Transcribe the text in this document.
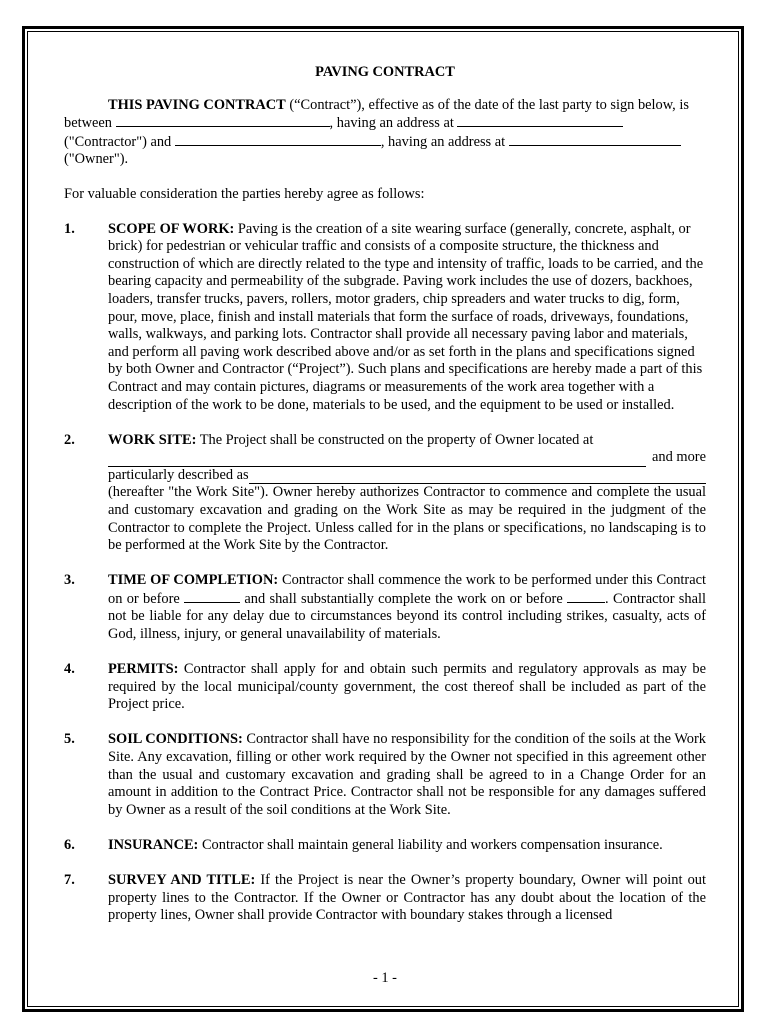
PAVING CONTRACT

THIS PAVING CONTRACT (“Contract”), effective as of the date of the last party to sign below, is between	, having an address at
("Contractor") and	, having an address at
("Owner").

For valuable consideration the parties hereby agree as follows:

1.	SCOPE OF WORK: Paving is the creation of a site wearing surface (generally, concrete, asphalt, or brick) for pedestrian or vehicular traffic and consists of a composite structure, the thickness and construction of which are directly related to the type and intensity of traffic, loads to be carried, and the bearing capacity and permeability of the subgrade. Paving work includes the use of dozers, backhoes, loaders, transfer trucks, pavers, rollers, motor graders, chip spreaders and water trucks to dig, form, pour, move, place, finish and install materials that form the surface of roads, driveways, foundations, walls, walkways, and parking lots. Contractor shall provide all necessary paving labor and materials, and perform all paving work described above and/or as set forth in the plans and specifications signed by both Owner and Contractor (“Project”). Such plans and specifications are hereby made a part of this Contract and may contain pictures, diagrams or measurements of the work area together with a description of the work to be done, materials to be used, and the equipment to be used or installed.
2.	WORK SITE: The Project shall be constructed on the property of Owner located at
and more
particularly described as
(hereafter "the Work Site"). Owner hereby authorizes Contractor to commence and complete the usual and customary excavation and grading on the Work Site as may be required in the judgment of the Contractor to complete the Project. Unless called for in the plans or specifications, no landscaping is to be performed at the Work Site by the Contractor.
3.	TIME OF COMPLETION: Contractor shall commence the work to be performed under this Contract on or before	and shall substantially complete the work on or before	. Contractor shall not be liable for any delay due to circumstances beyond its control including strikes, casualty, acts of God, illness, injury, or general unavailability of materials.
4.	PERMITS: Contractor shall apply for and obtain such permits and regulatory approvals as may be required by the local municipal/county government, the cost thereof shall be included as part of the Project price.
5.	SOIL CONDITIONS: Contractor shall have no responsibility for the condition of the soils at the Work Site. Any excavation, filling or other work required by the Owner not specified in this agreement other than the usual and customary excavation and grading shall be agreed to in a Change Order for an amount in addition to the Contract Price. Contractor shall not be responsible for any damages suffered by Owner as a result of the soil conditions at the Work Site.
6.	INSURANCE: Contractor shall maintain general liability and workers compensation insurance.
7.	SURVEY AND TITLE: If the Project is near the Owner’s property boundary, Owner will point out property lines to the Contractor. If the Owner or Contractor has any doubt about the location of the property lines, Owner shall provide Contractor with boundary stakes through a licensed
- 1 -
